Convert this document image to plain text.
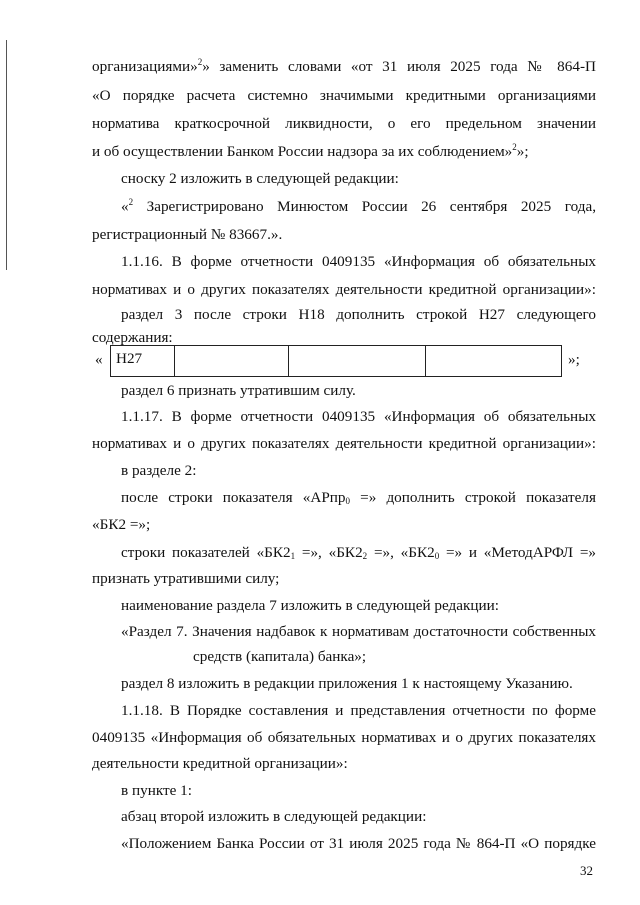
организациями»$^2$» заменить словами «от 31 июля 2025 года № 864-П
«О порядке расчета системно значимыми кредитными организациями
норматива краткосрочной ликвидности, о его предельном значении
и об осуществлении Банком России надзора за их соблюдением»$^2$»;
сноску 2 изложить в следующей редакции:
«$^2$ Зарегистрировано Минюстом России 26 сентября 2025 года,
регистрационный № 83667.».
1.1.16. В форме отчетности 0409135 «Информация об обязательных
нормативах и о других показателях деятельности кредитной организации»:
раздел 3 после строки Н18 дополнить строкой Н27 следующего
содержания:
« Н27	»;
раздел 6 признать утратившим силу.
1.1.17. В форме отчетности 0409135 «Информация об обязательных
нормативах и о других показателях деятельности кредитной организации»:
в разделе 2:
после строки показателя «АРпр$_0$ =» дополнить строкой показателя
«БК2 =»;
строки показателей «$БК2_1$ =», «$БК2_2$ =», «$БК2_0$ =» и «МетодАРФЛ =»
признать утратившими силу;
наименование раздела 7 изложить в следующей редакции:
«Раздел 7. Значения надбавок к нормативам достаточности собственных
средств (капитала) банка»;
раздел 8 изложить в редакции приложения 1 к настоящему Указанию.
1.1.18. В Порядке составления и представления отчетности по форме
0409135 «Информация об обязательных нормативах и о других показателях
деятельности кредитной организации»:
в пункте 1:
абзац второй изложить в следующей редакции:
«Положением Банка России от 31 июля 2025 года № 864-П «О порядке
32
